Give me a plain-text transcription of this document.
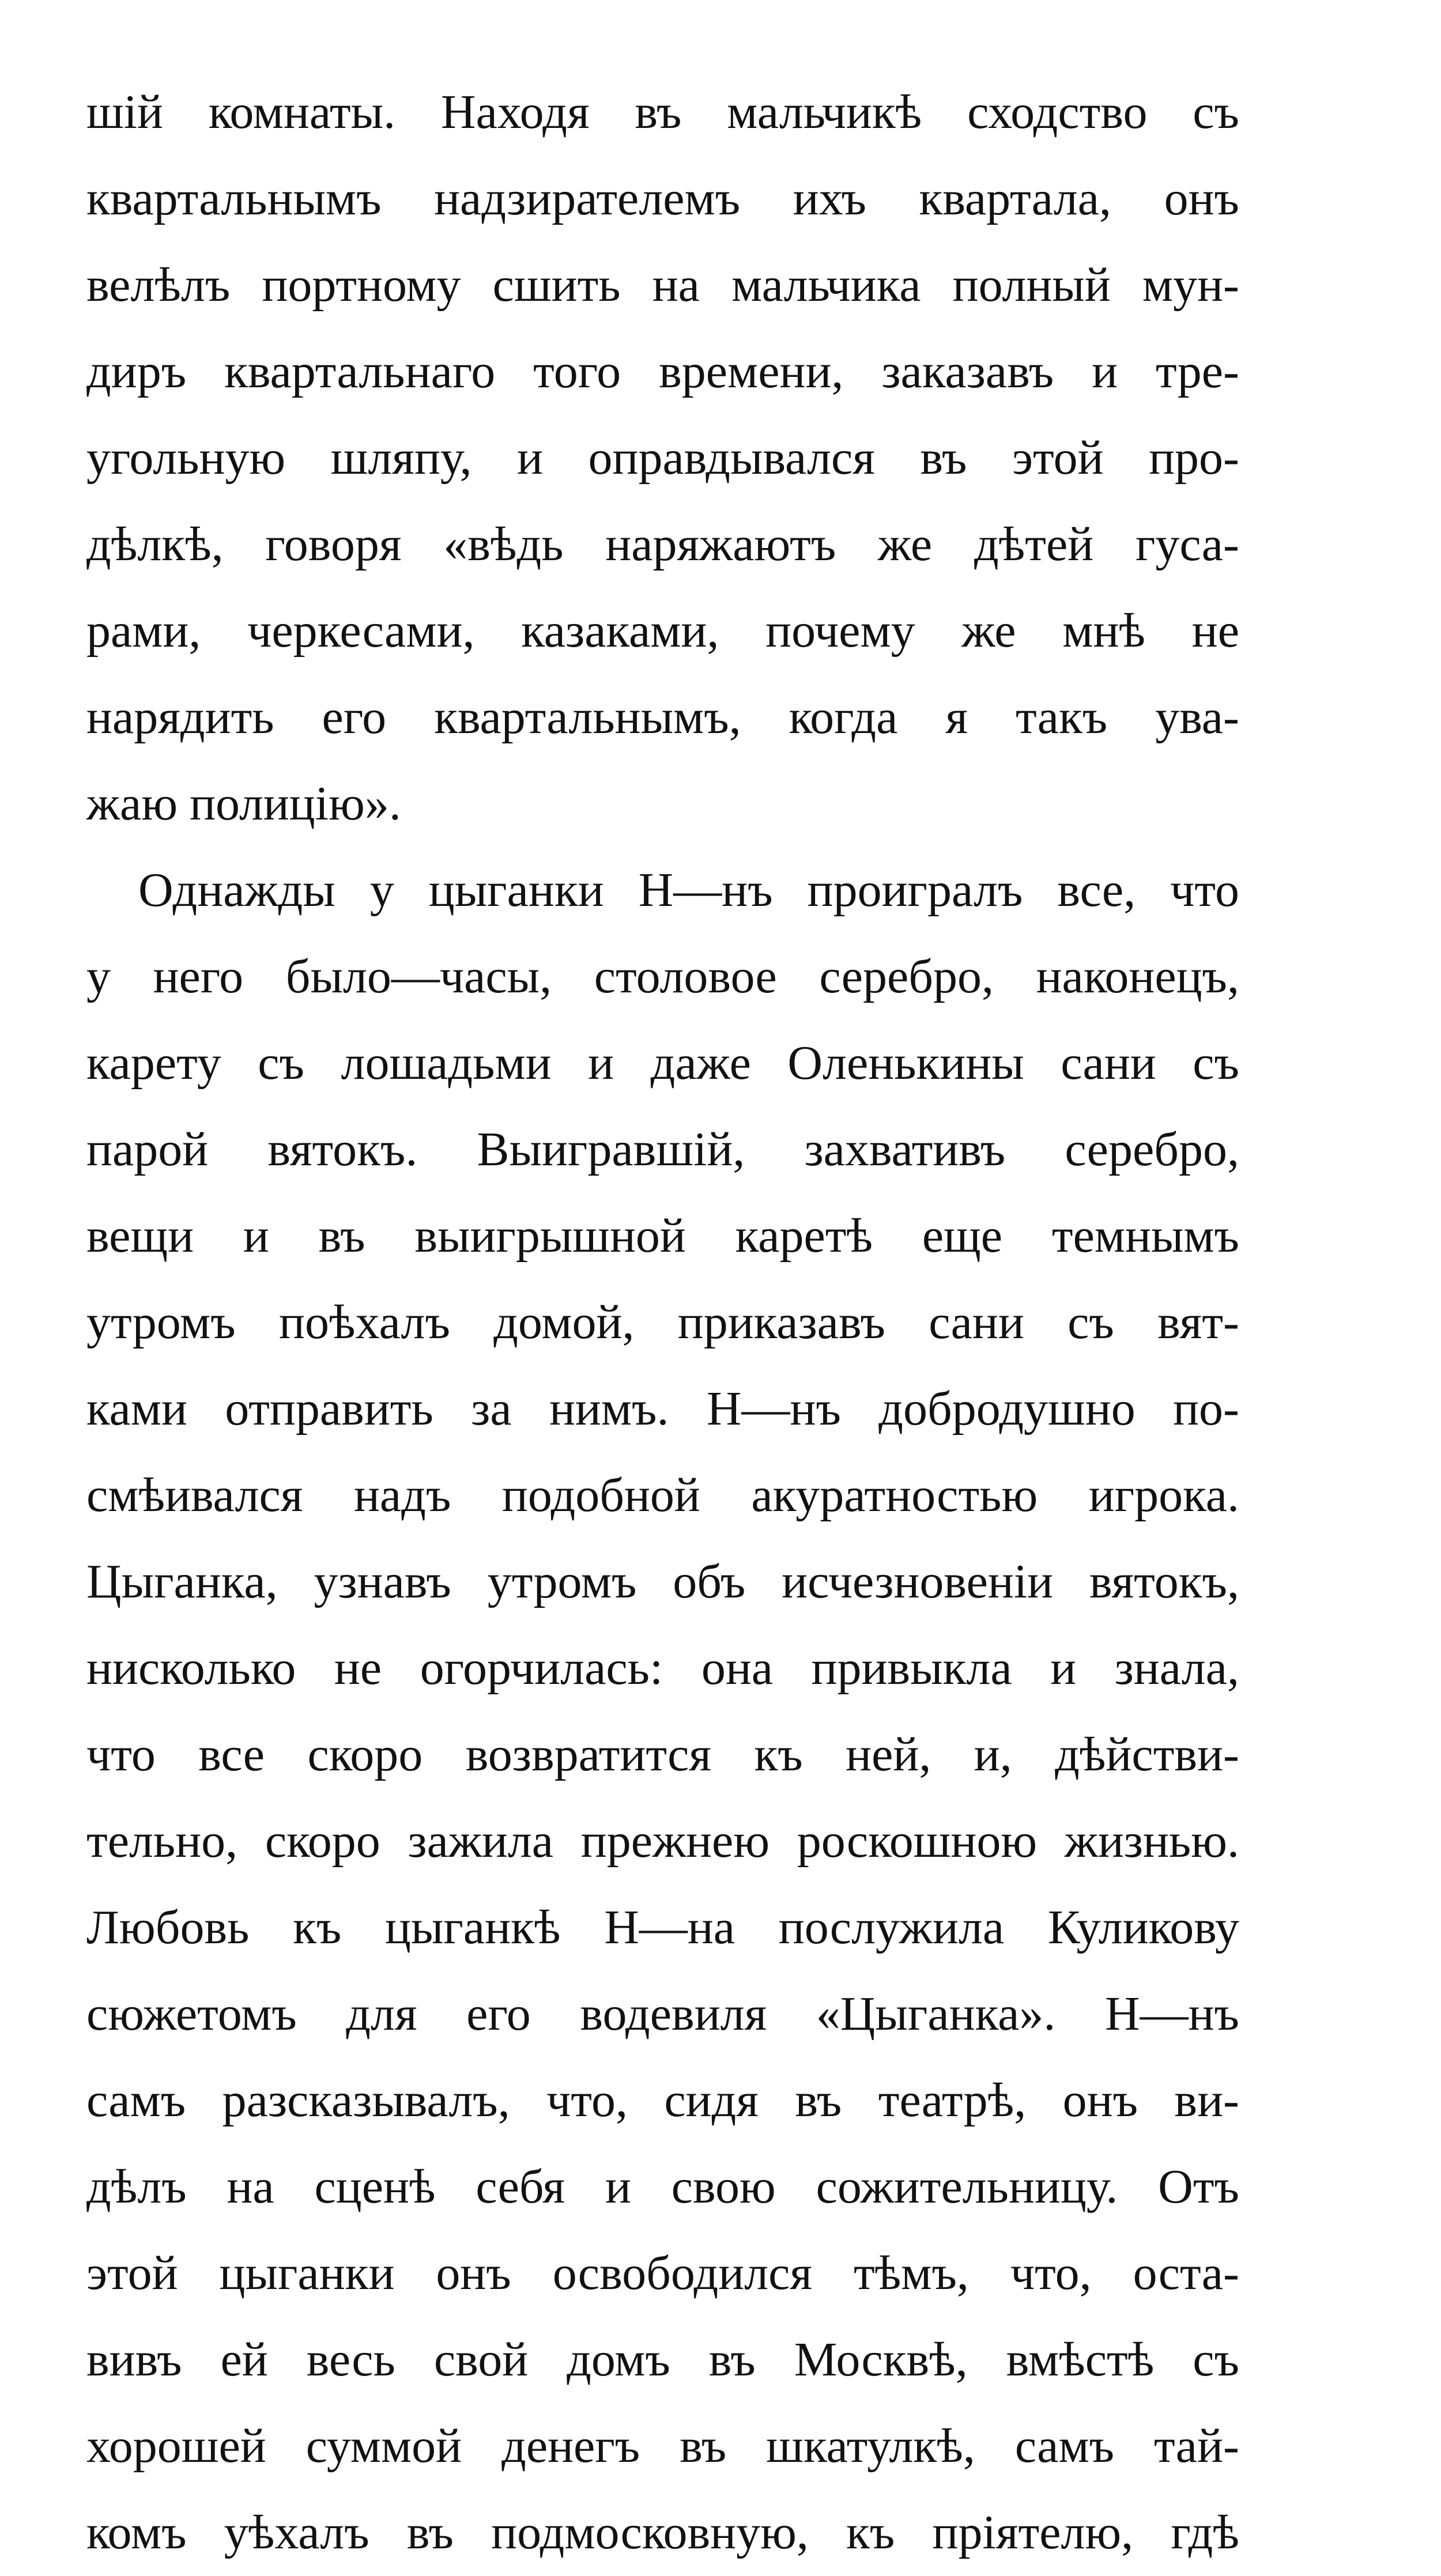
шій комнаты. Находя въ мальчикѣ сходство съ
квартальнымъ надзирателемъ ихъ квартала, онъ
велѣлъ портному сшить на мальчика полный мун-
диръ квартальнаго того времени, заказавъ и тре-
угольную шляпу, и оправдывался въ этой про-
дѣлкѣ, говоря «вѣдь наряжаютъ же дѣтей гуса-
рами, черкесами, казаками, почему же мнѣ не
нарядить его квартальнымъ, когда я такъ ува-
жаю полицію».
Однажды у цыганки Н—нъ проигралъ все, что
у него было—часы, столовое серебро, наконецъ,
карету съ лошадьми и даже Оленькины сани съ
парой вятокъ. Выигравшій, захвативъ серебро,
вещи и въ выигрышной каретѣ еще темнымъ
утромъ поѣхалъ домой, приказавъ сани съ вят-
ками отправить за нимъ. Н—нъ добродушно по-
смѣивался надъ подобной акуратностью игрока.
Цыганка, узнавъ утромъ объ исчезновеніи вятокъ,
нисколько не огорчилась: она привыкла и знала,
что все скоро возвратится къ ней, и, дѣйстви-
тельно, скоро зажила прежнею роскошною жизнью.
Любовь къ цыганкѣ Н—на послужила Куликову
сюжетомъ для его водевиля «Цыганка». Н—нъ
самъ разсказывалъ, что, сидя въ театрѣ, онъ ви-
дѣлъ на сценѣ себя и свою сожительницу. Отъ
этой цыганки онъ освободился тѣмъ, что, оста-
вивъ ей весь свой домъ въ Москвѣ, вмѣстѣ съ
хорошей суммой денегъ въ шкатулкѣ, самъ тай-
комъ уѣхалъ въ подмосковную, къ пріятелю, гдѣ
